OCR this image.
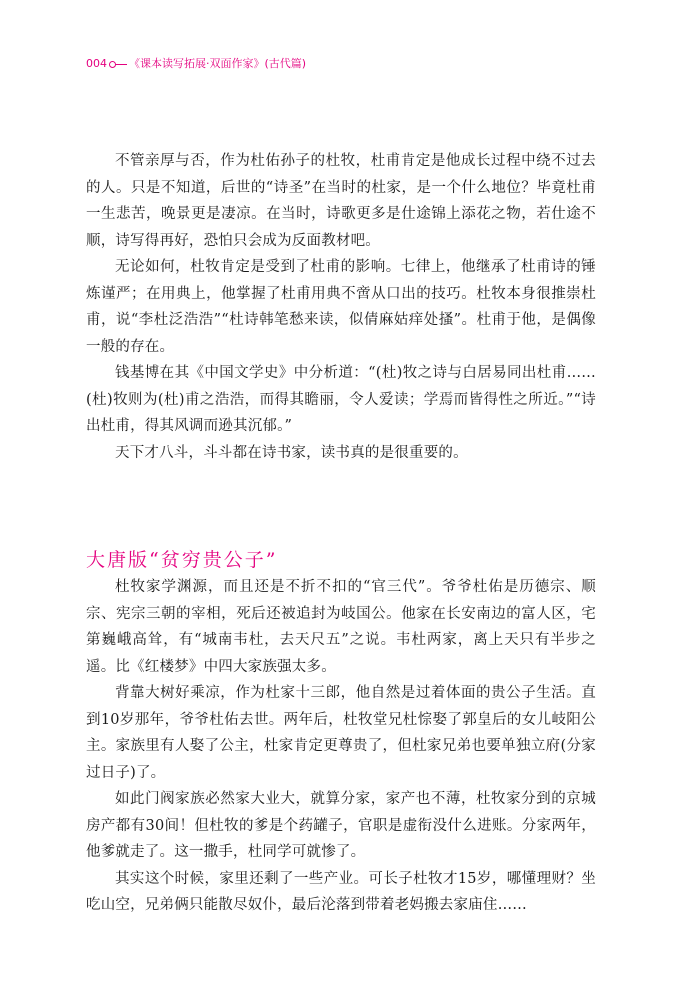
004 《课本读写拓展·双面作家》(古代篇)

不管亲厚与否，作为杜佑孙子的杜牧，杜甫肯定是他成长过程中绕不过去的人。只是不知道，后世的“诗圣”在当时的杜家，是一个什么地位？毕竟杜甫一生悲苦，晚景更是凄凉。在当时，诗歌更多是仕途锦上添花之物，若仕途不顺，诗写得再好，恐怕只会成为反面教材吧。

无论如何，杜牧肯定是受到了杜甫的影响。七律上，他继承了杜甫诗的锤炼谨严；在用典上，他掌握了杜甫用典不啻从口出的技巧。杜牧本身很推崇杜甫，说“李杜泛浩浩”“杜诗韩笔愁来读，似倩麻姑痒处搔”。杜甫于他，是偶像一般的存在。

钱基博在其《中国文学史》中分析道：“(杜)牧之诗与白居易同出杜甫……(杜)牧则为(杜)甫之浩浩，而得其瞻丽，令人爱读；学焉而皆得性之所近。”“诗出杜甫，得其风调而逊其沉郁。”

天下才八斗，斗斗都在诗书家，读书真的是很重要的。

大唐版“贫穷贵公子”

杜牧家学渊源，而且还是不折不扣的“官三代”。爷爷杜佑是历德宗、顺宗、宪宗三朝的宰相，死后还被追封为岐国公。他家在长安南边的富人区，宅第巍峨高耸，有“城南韦杜，去天尺五”之说。韦杜两家，离上天只有半步之遥。比《红楼梦》中四大家族强太多。

背靠大树好乘凉，作为杜家十三郎，他自然是过着体面的贵公子生活。直到10岁那年，爷爷杜佑去世。两年后，杜牧堂兄杜悰娶了郭皇后的女儿岐阳公主。家族里有人娶了公主，杜家肯定更尊贵了，但杜家兄弟也要单独立府(分家过日子)了。

如此门阀家族必然家大业大，就算分家，家产也不薄，杜牧家分到的京城房产都有30间！但杜牧的爹是个药罐子，官职是虚衔没什么进账。分家两年，他爹就走了。这一撒手，杜同学可就惨了。

其实这个时候，家里还剩了一些产业。可长子杜牧才15岁，哪懂理财？坐吃山空，兄弟俩只能散尽奴仆，最后沦落到带着老妈搬去家庙住……
